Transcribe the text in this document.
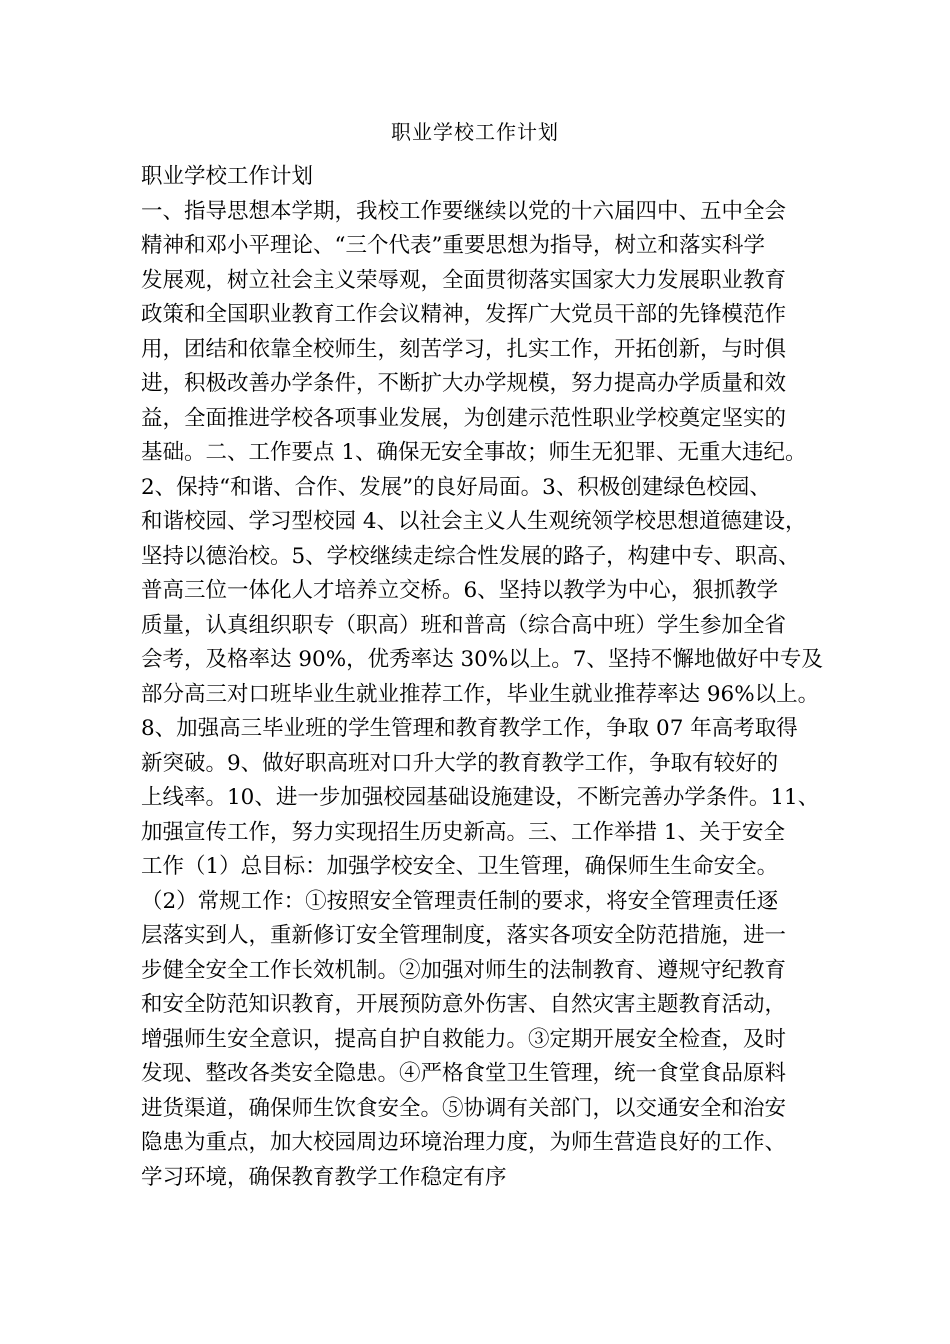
职业学校工作计划
职业学校工作计划
一、指导思想本学期，我校工作要继续以党的十六届四中、五中全会
精神和邓小平理论、“三个代表”重要思想为指导，树立和落实科学
发展观，树立社会主义荣辱观，全面贯彻落实国家大力发展职业教育
政策和全国职业教育工作会议精神，发挥广大党员干部的先锋模范作
用，团结和依靠全校师生，刻苦学习，扎实工作，开拓创新，与时俱
进，积极改善办学条件，不断扩大办学规模，努力提高办学质量和效
益，全面推进学校各项事业发展，为创建示范性职业学校奠定坚实的
基础。二、工作要点 1、确保无安全事故；师生无犯罪、无重大违纪。
2、保持“和谐、合作、发展”的良好局面。3、积极创建绿色校园、
和谐校园、学习型校园 4、以社会主义人生观统领学校思想道德建设，
坚持以德治校。5、学校继续走综合性发展的路子，构建中专、职高、
普高三位一体化人才培养立交桥。6、坚持以教学为中心，狠抓教学
质量，认真组织职专（职高）班和普高（综合高中班）学生参加全省
会考，及格率达 90%，优秀率达 30%以上。7、坚持不懈地做好中专及
部分高三对口班毕业生就业推荐工作，毕业生就业推荐率达 96%以上。
8、加强高三毕业班的学生管理和教育教学工作，争取 07 年高考取得
新突破。9、做好职高班对口升大学的教育教学工作，争取有较好的
上线率。10、进一步加强校园基础设施建设，不断完善办学条件。11、
加强宣传工作，努力实现招生历史新高。三、工作举措 1、关于安全
工作（1）总目标：加强学校安全、卫生管理，确保师生生命安全。
（2）常规工作：①按照安全管理责任制的要求，将安全管理责任逐
层落实到人，重新修订安全管理制度，落实各项安全防范措施，进一
步健全安全工作长效机制。②加强对师生的法制教育、遵规守纪教育
和安全防范知识教育，开展预防意外伤害、自然灾害主题教育活动，
增强师生安全意识，提高自护自救能力。③定期开展安全检查，及时
发现、整改各类安全隐患。④严格食堂卫生管理，统一食堂食品原料
进货渠道，确保师生饮食安全。⑤协调有关部门，以交通安全和治安
隐患为重点，加大校园周边环境治理力度，为师生营造良好的工作、
学习环境，确保教育教学工作稳定有序
